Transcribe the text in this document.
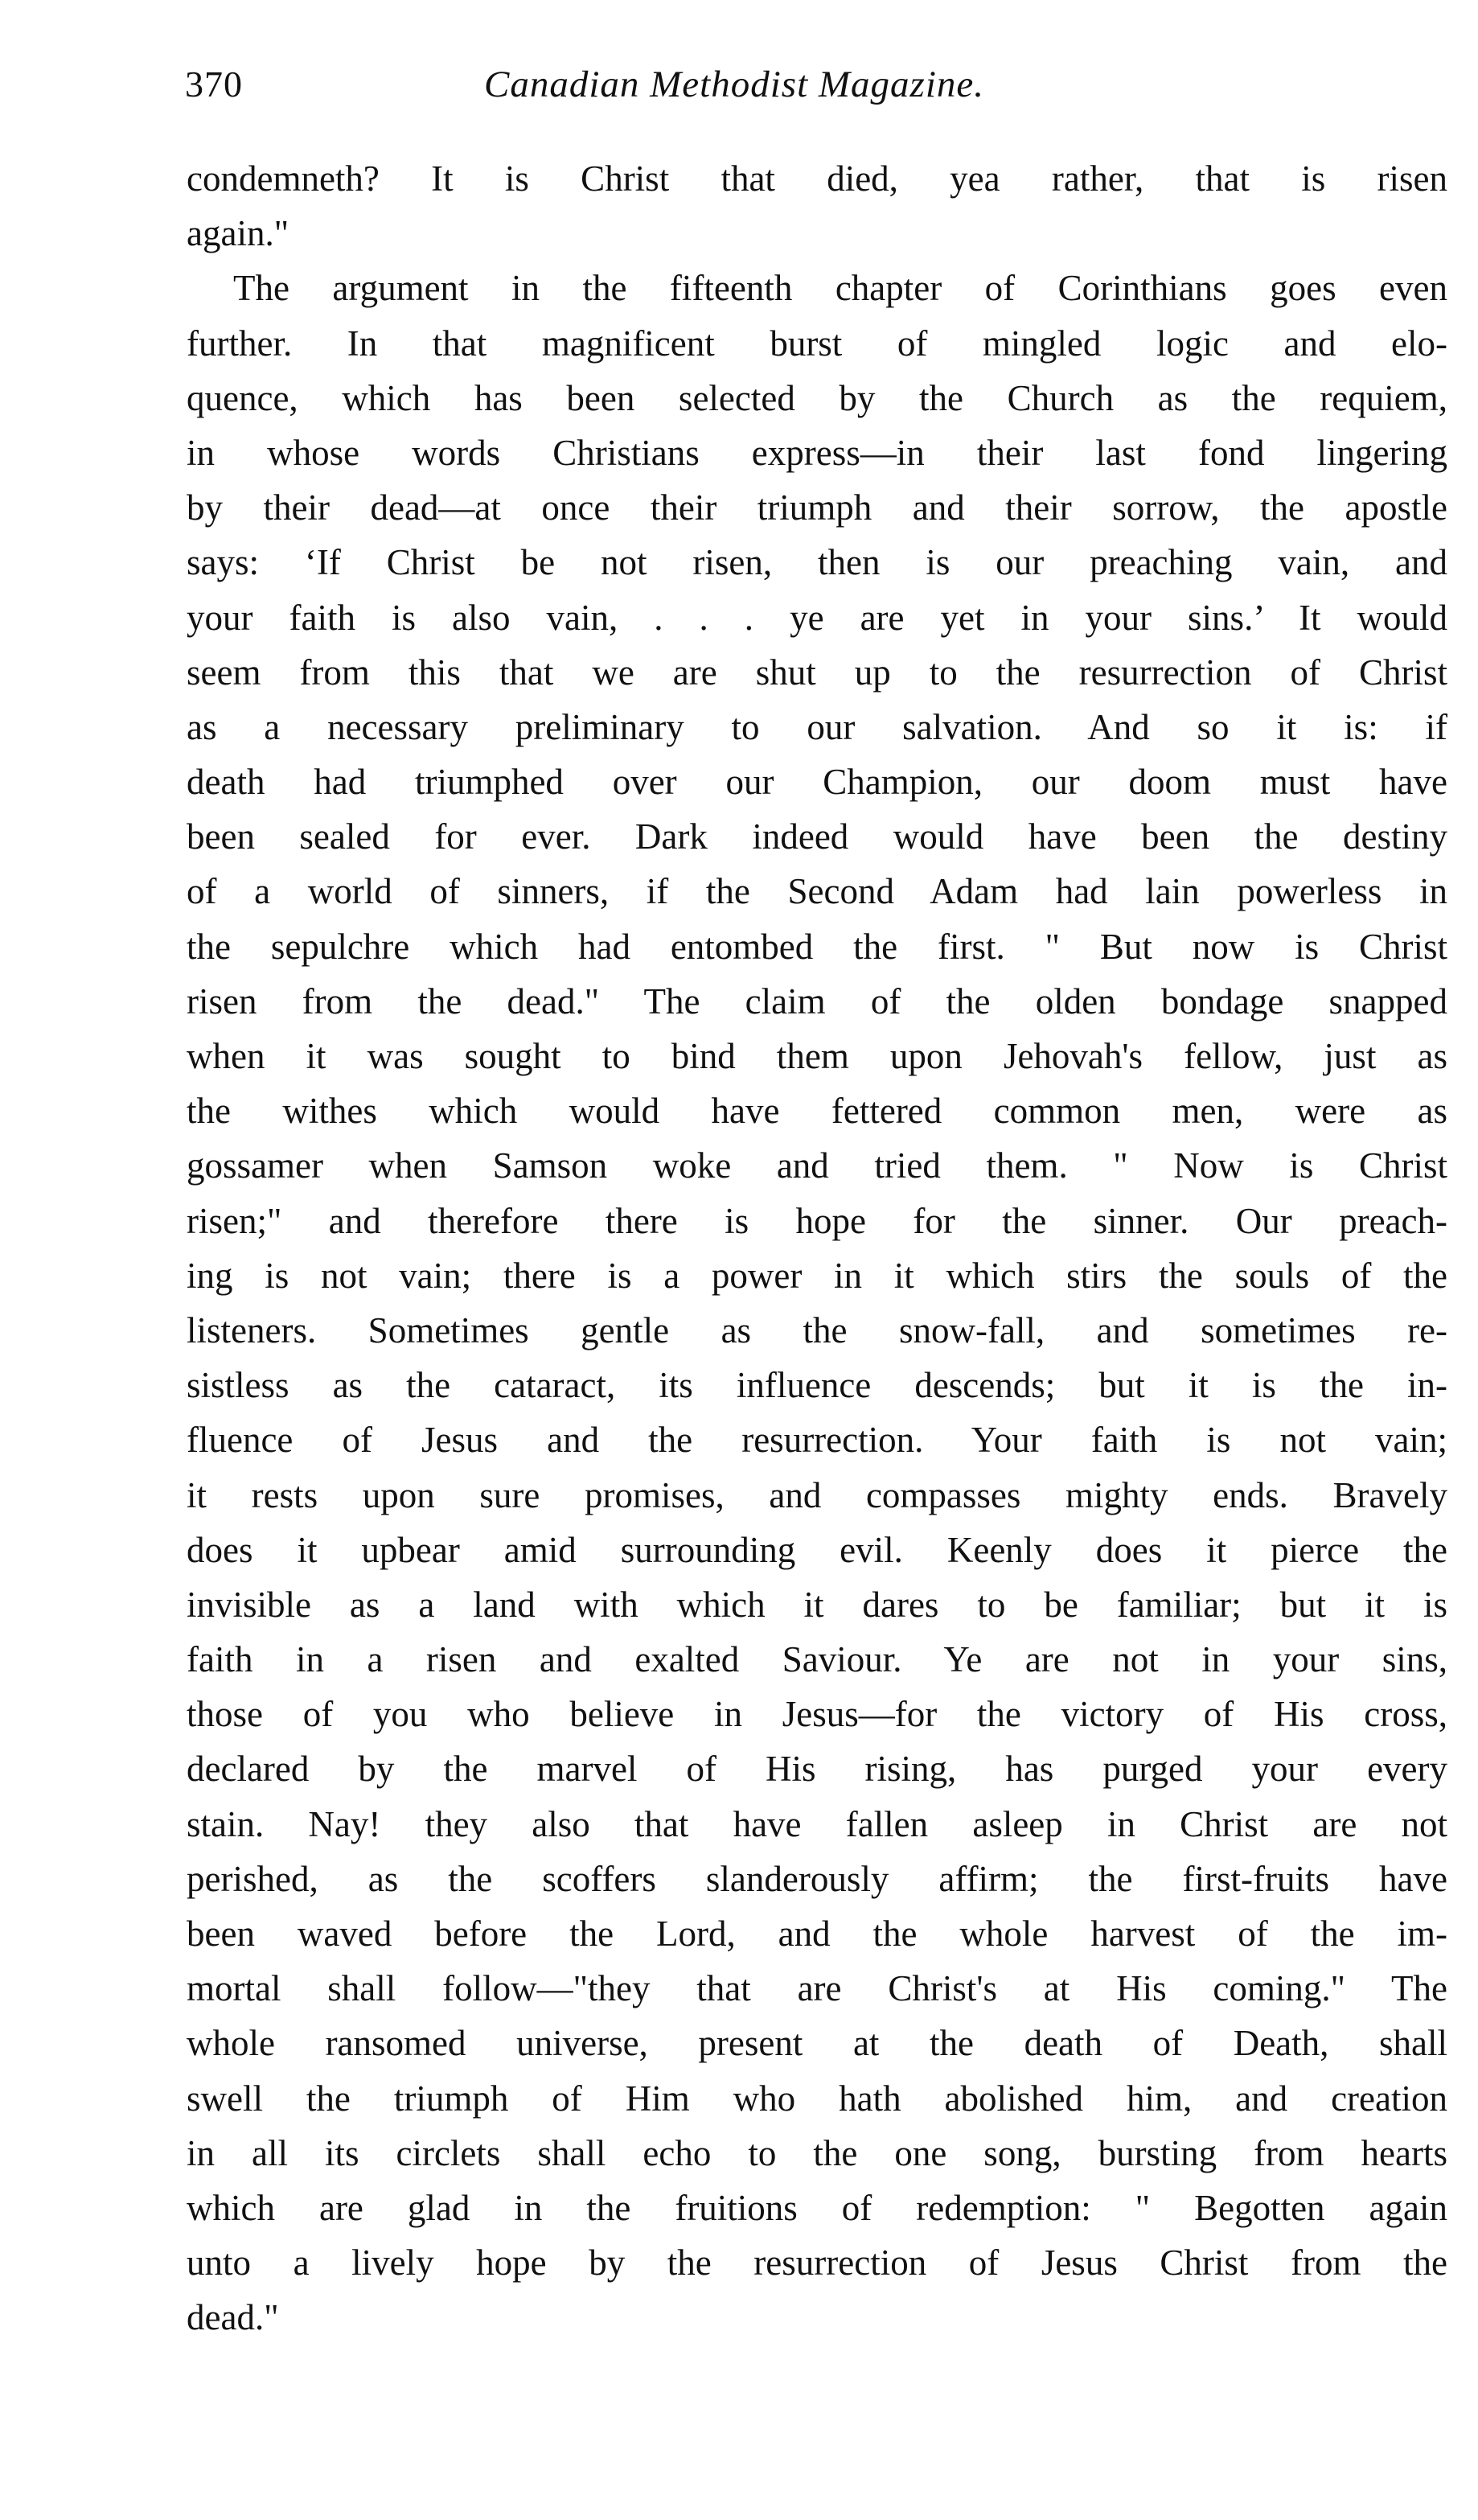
370	Canadian Methodist Magazine.
condemneth? It is Christ that died, yea rather, that is risen
again."
The argument in the fifteenth chapter of Corinthians goes even
further. In that magnificent burst of mingled logic and elo-
quence, which has been selected by the Church as the requiem,
in whose words Christians express—in their last fond lingering
by their dead—at once their triumph and their sorrow, the apostle
says: ‘If Christ be not risen, then is our preaching vain, and
your faith is also vain, . . . ye are yet in your sins.’ It would
seem from this that we are shut up to the resurrection of Christ
as a necessary preliminary to our salvation. And so it is: if
death had triumphed over our Champion, our doom must have
been sealed for ever. Dark indeed would have been the destiny
of a world of sinners, if the Second Adam had lain powerless in
the sepulchre which had entombed the first. " But now is Christ
risen from the dead." The claim of the olden bondage snapped
when it was sought to bind them upon Jehovah's fellow, just as
the withes which would have fettered common men, were as
gossamer when Samson woke and tried them. " Now is Christ
risen;" and therefore there is hope for the sinner. Our preach-
ing is not vain; there is a power in it which stirs the souls of the
listeners. Sometimes gentle as the snow-fall, and sometimes re-
sistless as the cataract, its influence descends; but it is the in-
fluence of Jesus and the resurrection. Your faith is not vain;
it rests upon sure promises, and compasses mighty ends. Bravely
does it upbear amid surrounding evil. Keenly does it pierce the
invisible as a land with which it dares to be familiar; but it is
faith in a risen and exalted Saviour. Ye are not in your sins,
those of you who believe in Jesus—for the victory of His cross,
declared by the marvel of His rising, has purged your every
stain. Nay! they also that have fallen asleep in Christ are not
perished, as the scoffers slanderously affirm; the first-fruits have
been waved before the Lord, and the whole harvest of the im-
mortal shall follow—"they that are Christ's at His coming." The
whole ransomed universe, present at the death of Death, shall
swell the triumph of Him who hath abolished him, and creation
in all its circlets shall echo to the one song, bursting from hearts
which are glad in the fruitions of redemption: " Begotten again
unto a lively hope by the resurrection of Jesus Christ from the
dead."
